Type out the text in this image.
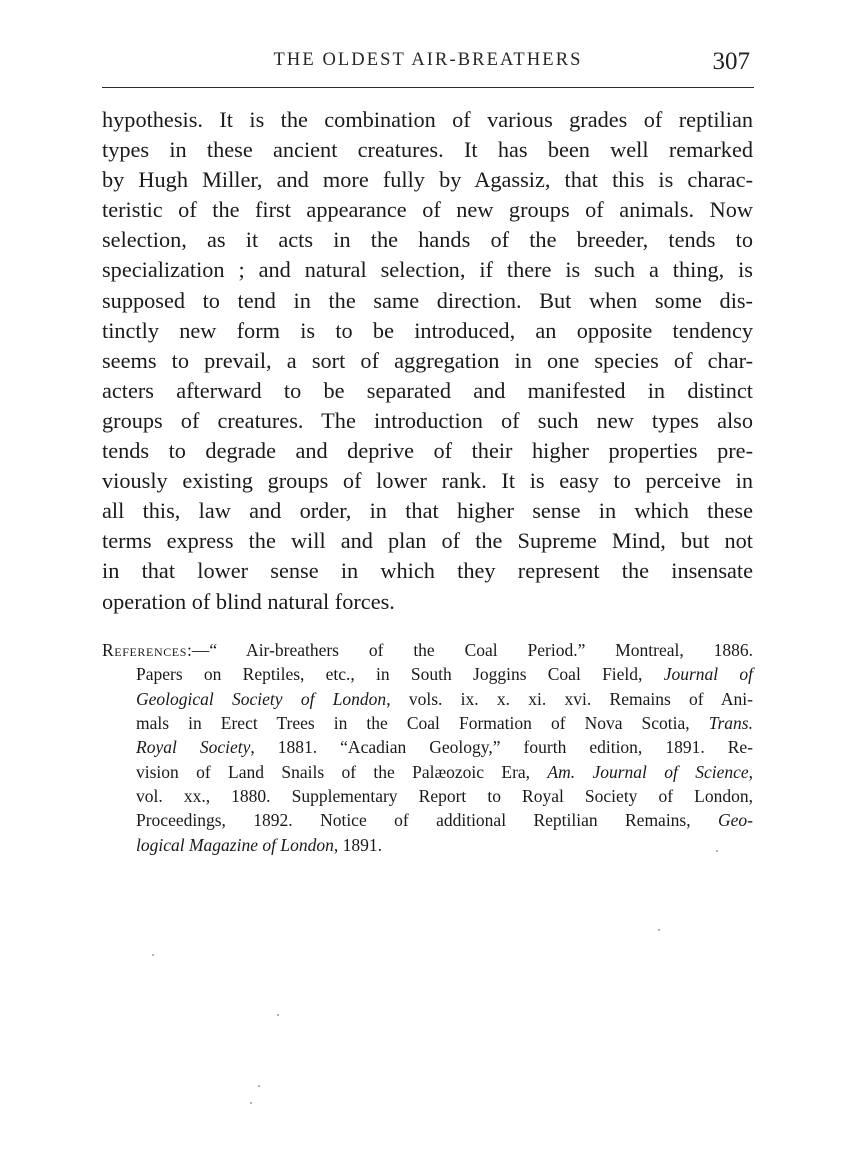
THE OLDEST AIR-BREATHERS	307
hypothesis. It is the combination of various grades of reptilian
types in these ancient creatures. It has been well remarked
by Hugh Miller, and more fully by Agassiz, that this is charac-
teristic of the first appearance of new groups of animals. Now
selection, as it acts in the hands of the breeder, tends to
specialization ; and natural selection, if there is such a thing, is
supposed to tend in the same direction. But when some dis-
tinctly new form is to be introduced, an opposite tendency
seems to prevail, a sort of aggregation in one species of char-
acters afterward to be separated and manifested in distinct
groups of creatures. The introduction of such new types also
tends to degrade and deprive of their higher properties pre-
viously existing groups of lower rank. It is easy to perceive in
all this, law and order, in that higher sense in which these
terms express the will and plan of the Supreme Mind, but not
in that lower sense in which they represent the insensate
operation of blind natural forces.
References:—“ Air-breathers of the Coal Period.” Montreal, 1886.
Papers on Reptiles, etc., in South Joggins Coal Field, Journal of
Geological Society of London, vols. ix. x. xi. xvi. Remains of Ani-
mals in Erect Trees in the Coal Formation of Nova Scotia, Trans.
Royal Society, 1881. “Acadian Geology,” fourth edition, 1891. Re-
vision of Land Snails of the Palæozoic Era, Am. Journal of Science,
vol. xx., 1880. Supplementary Report to Royal Society of London,
Proceedings, 1892. Notice of additional Reptilian Remains, Geo-
logical Magazine of London, 1891.
